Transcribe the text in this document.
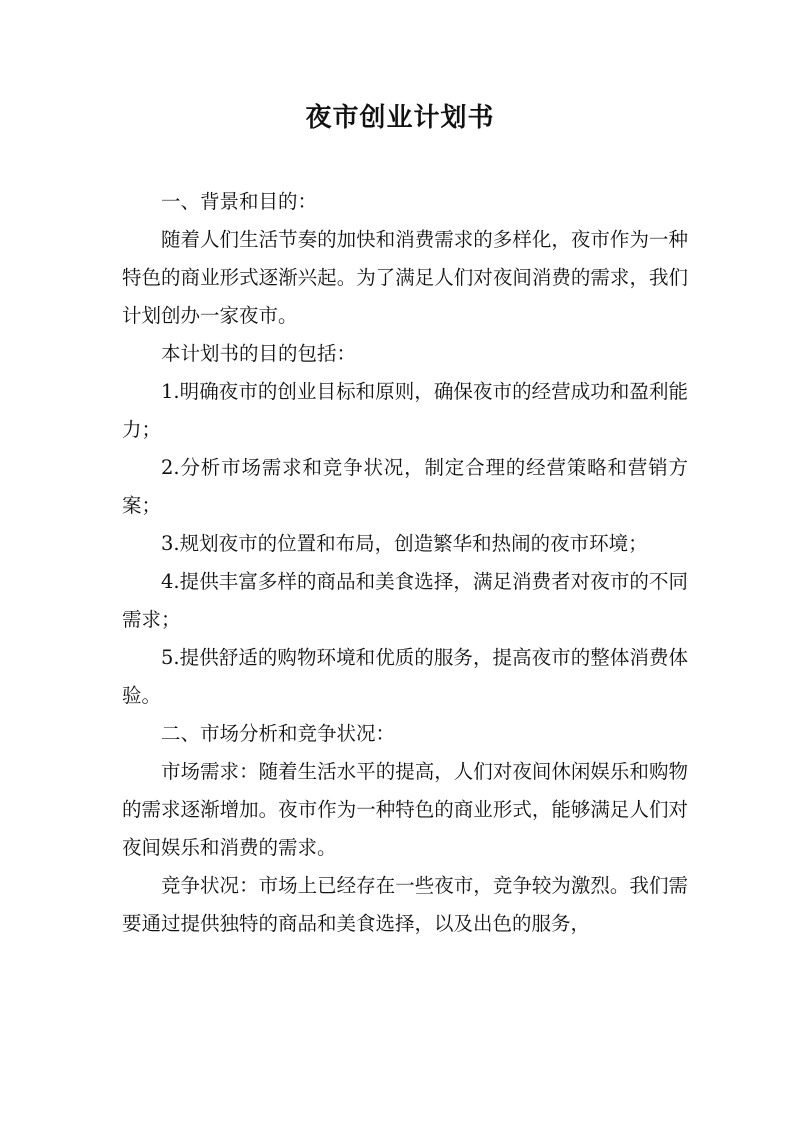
夜市创业计划书

一、背景和目的：

随着人们生活节奏的加快和消费需求的多样化，夜市作为一种特色的商业形式逐渐兴起。为了满足人们对夜间消费的需求，我们计划创办一家夜市。

本计划书的目的包括：

1.明确夜市的创业目标和原则，确保夜市的经营成功和盈利能力；

2.分析市场需求和竞争状况，制定合理的经营策略和营销方案；

3.规划夜市的位置和布局，创造繁华和热闹的夜市环境；

4.提供丰富多样的商品和美食选择，满足消费者对夜市的不同需求；

5.提供舒适的购物环境和优质的服务，提高夜市的整体消费体验。

二、市场分析和竞争状况：

市场需求：随着生活水平的提高，人们对夜间休闲娱乐和购物的需求逐渐增加。夜市作为一种特色的商业形式，能够满足人们对夜间娱乐和消费的需求。

竞争状况：市场上已经存在一些夜市，竞争较为激烈。我们需要通过提供独特的商品和美食选择，以及出色的服务，
